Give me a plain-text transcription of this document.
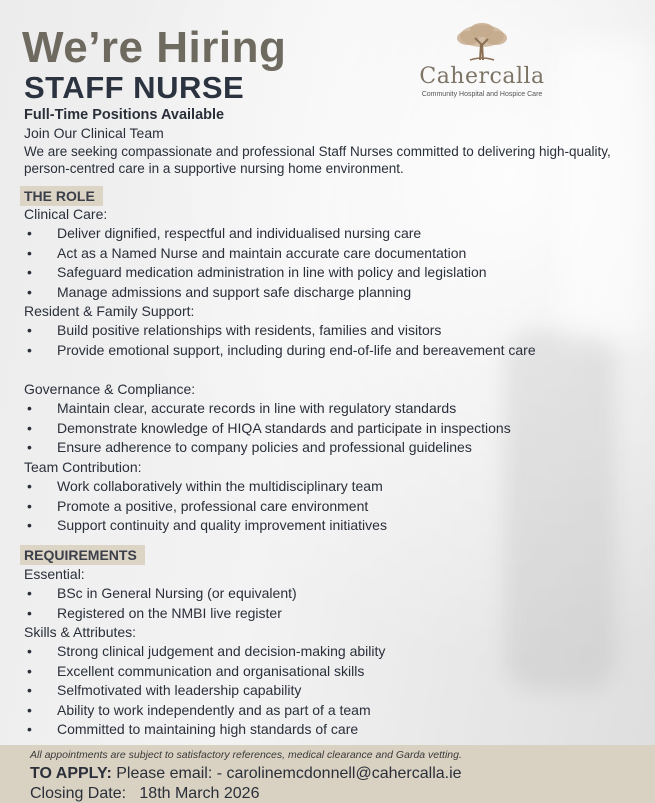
We’re Hiring
STAFF NURSE
Full-Time Positions Available
Join Our Clinical Team
We are seeking compassionate and professional Staff Nurses committed to delivering high-quality, person-centred care in a supportive nursing home environment.
Cahercalla
Community Hospital and Hospice Care
THE ROLE
Clinical Care:
• Deliver dignified, respectful and individualised nursing care
• Act as a Named Nurse and maintain accurate care documentation
• Safeguard medication administration in line with policy and legislation
• Manage admissions and support safe discharge planning
Resident & Family Support:
• Build positive relationships with residents, families and visitors
• Provide emotional support, including during end-of-life and bereavement care
Governance & Compliance:
• Maintain clear, accurate records in line with regulatory standards
• Demonstrate knowledge of HIQA standards and participate in inspections
• Ensure adherence to company policies and professional guidelines
Team Contribution:
• Work collaboratively within the multidisciplinary team
• Promote a positive, professional care environment
• Support continuity and quality improvement initiatives
REQUIREMENTS
Essential:
• BSc in General Nursing (or equivalent)
• Registered on the NMBI live register
Skills & Attributes:
• Strong clinical judgement and decision-making ability
• Excellent communication and organisational skills
• Selfmotivated with leadership capability
• Ability to work independently and as part of a team
• Committed to maintaining high standards of care
All appointments are subject to satisfactory references, medical clearance and Garda vetting.
TO APPLY: Please email: - carolinemcdonnell@cahercalla.ie
Closing Date: 18th March 2026
